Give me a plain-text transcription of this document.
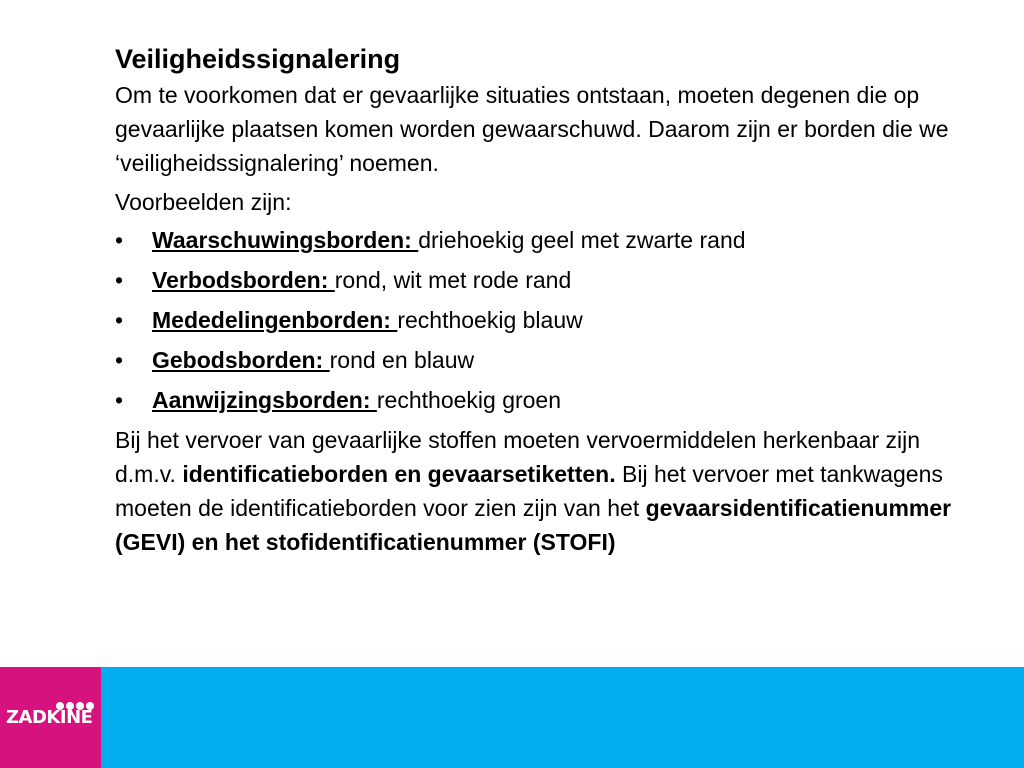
Veiligheidssignalering

Om te voorkomen dat er gevaarlijke situaties ontstaan, moeten degenen die op gevaarlijke plaatsen komen worden gewaarschuwd. Daarom zijn er borden die we ‘veiligheidssignalering’ noemen.

Voorbeelden zijn:

• Waarschuwingsborden: driehoekig geel met zwarte rand
• Verbodsborden: rond, wit met rode rand
• Mededelingenborden: rechthoekig blauw
• Gebodsborden: rond en blauw
• Aanwijzingsborden: rechthoekig groen

Bij het vervoer van gevaarlijke stoffen moeten vervoermiddelen herkenbaar zijn d.m.v. identificatieborden en gevaarsetiketten. Bij het vervoer met tankwagens moeten de identificatieborden voor zien zijn van het gevaarsidentificatienummer (GEVI) en het stofidentificatienummer (STOFI)

ZADKINE
